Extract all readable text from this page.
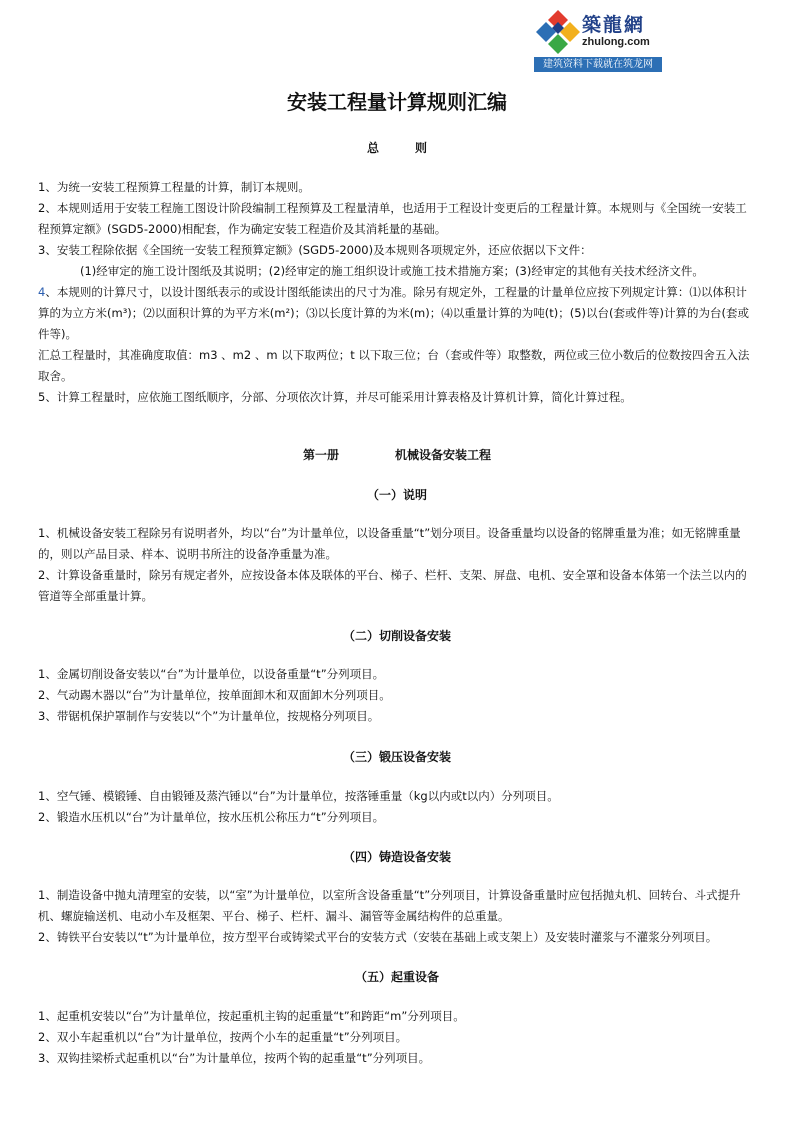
築龍網
zhulong.com
建筑资料下载就在筑龙网
安装工程量计算规则汇编
总　　　则

1、为统一安装工程预算工程量的计算，制订本规则。

2、本规则适用于安装工程施工图设计阶段编制工程预算及工程量清单，也适用于工程设计变更后的工程量计算。本规则与《全国统一安装工程预算定额》(SGD5-2000)相配套，作为确定安装工程造价及其消耗量的基础。

3、安装工程除依据《全国统一安装工程预算定额》(SGD5-2000)及本规则各项规定外，还应依据以下文件：

(1)经审定的施工设计图纸及其说明；(2)经审定的施工组织设计或施工技术措施方案；(3)经审定的其他有关技术经济文件。

4、本规则的计算尺寸，以设计图纸表示的或设计图纸能读出的尺寸为准。除另有规定外，工程量的计量单位应按下列规定计算：⑴以体积计算的为立方米(m³)；⑵以面积计算的为平方米(m²)；⑶以长度计算的为米(m)；⑷以重量计算的为吨(t)；(5)以台(套或件等)计算的为台(套或件等)。

汇总工程量时，其准确度取值：m3 、m2 、m 以下取两位；t 以下取三位；台（套或件等）取整数，两位或三位小数后的位数按四舍五入法取舍。

5、计算工程量时，应依施工图纸顺序，分部、分项依次计算，并尽可能采用计算表格及计算机计算，简化计算过程。

第一册	机械设备安装工程
（一）说明

1、机械设备安装工程除另有说明者外，均以“台”为计量单位，以设备重量“t”划分项目。设备重量均以设备的铭牌重量为准；如无铭牌重量的，则以产品目录、样本、说明书所注的设备净重量为准。

2、计算设备重量时，除另有规定者外，应按设备本体及联体的平台、梯子、栏杆、支架、屏盘、电机、安全罩和设备本体第一个法兰以内的管道等全部重量计算。

（二）切削设备安装

1、金属切削设备安装以“台”为计量单位，以设备重量“t”分列项目。

2、气动踢木器以“台”为计量单位，按单面卸木和双面卸木分列项目。

3、带锯机保护罩制作与安装以“个”为计量单位，按规格分列项目。

（三）锻压设备安装

1、空气锤、模锻锤、自由锻锤及蒸汽锤以“台”为计量单位，按落锤重量（kg以内或t以内）分列项目。

2、锻造水压机以“台”为计量单位，按水压机公称压力“t”分列项目。

（四）铸造设备安装

1、制造设备中抛丸清理室的安装，以“室”为计量单位，以室所含设备重量“t”分列项目，计算设备重量时应包括抛丸机、回转台、斗式提升机、螺旋输送机、电动小车及框架、平台、梯子、栏杆、漏斗、漏管等金属结构件的总重量。

2、铸铁平台安装以“t”为计量单位，按方型平台或铸梁式平台的安装方式（安装在基础上或支架上）及安装时灌浆与不灌浆分列项目。

（五）起重设备

1、起重机安装以“台”为计量单位，按起重机主钩的起重量“t”和跨距“m”分列项目。

2、双小车起重机以“台”为计量单位，按两个小车的起重量“t”分列项目。

3、双钩挂梁桥式起重机以“台”为计量单位，按两个钩的起重量“t”分列项目。
